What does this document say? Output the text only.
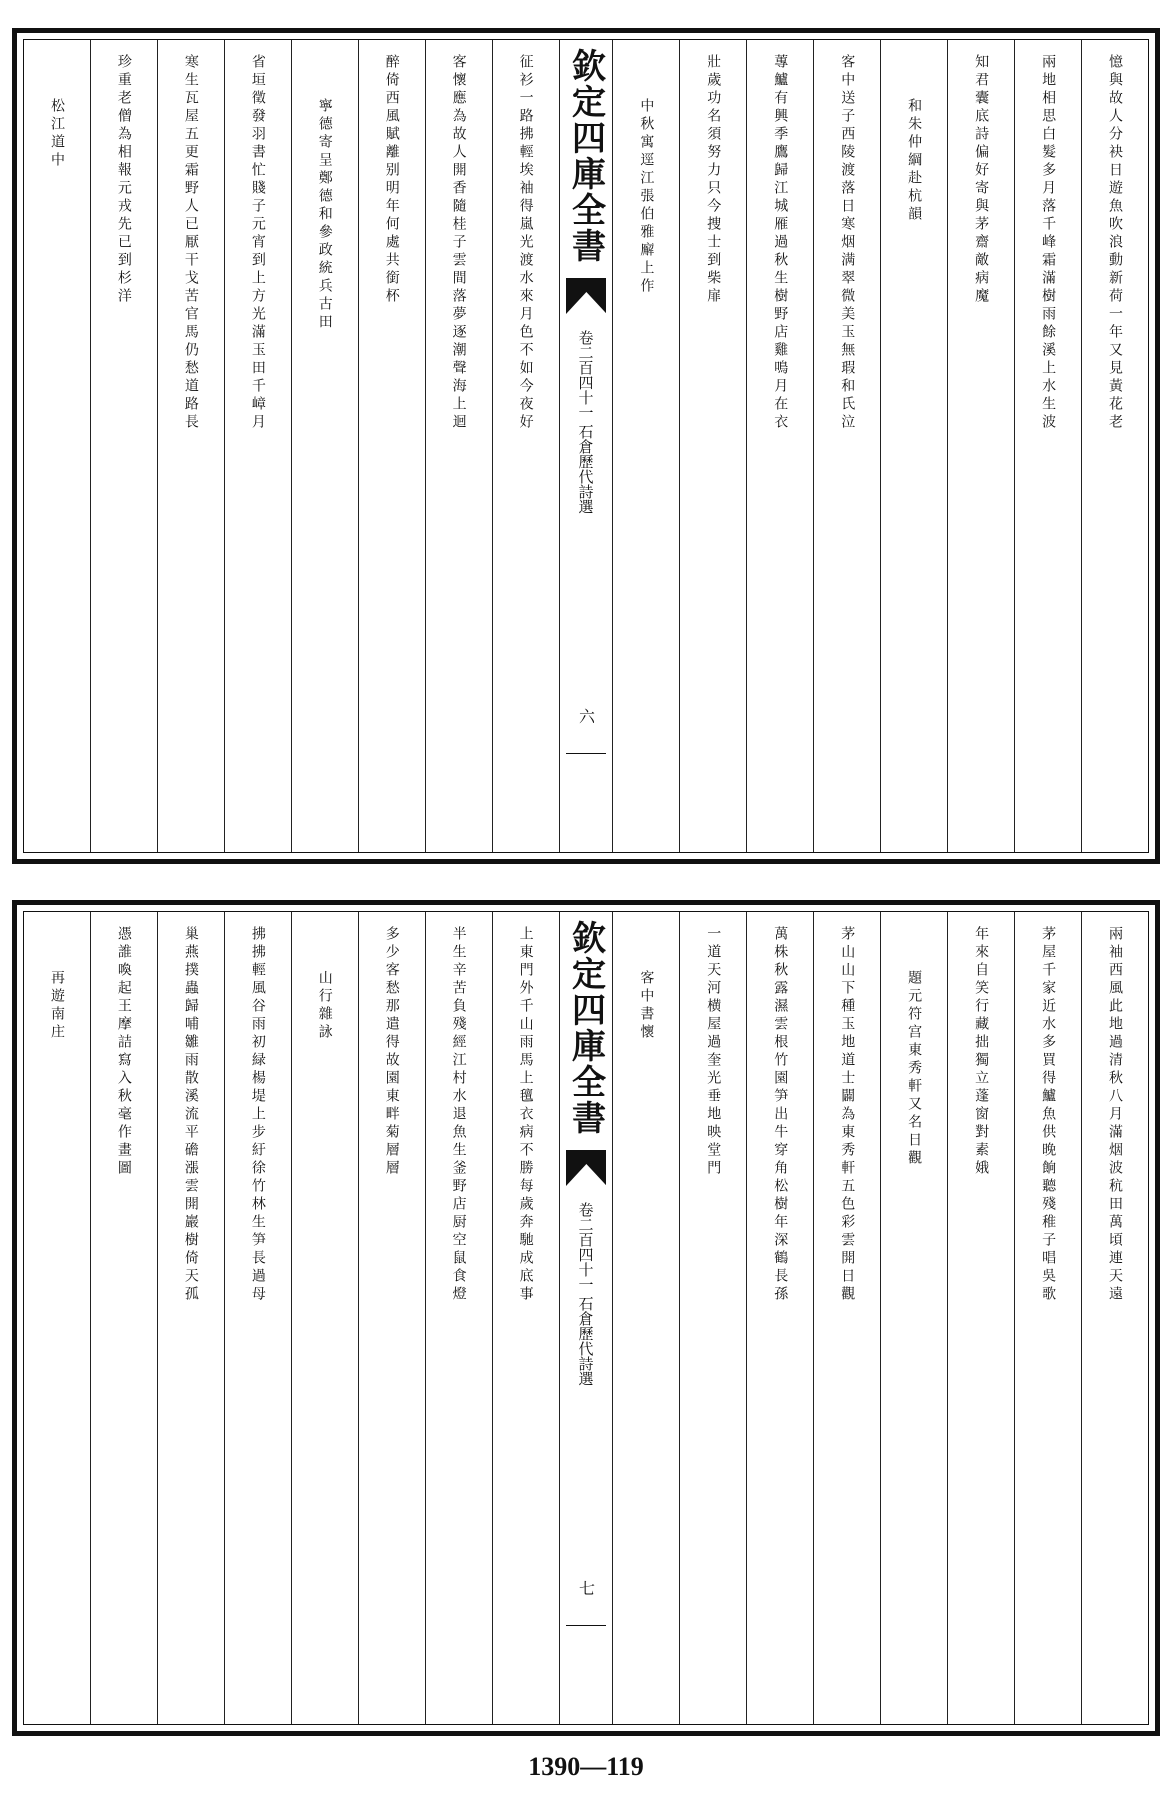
憶與故人分袂日遊魚吹浪動新荷一年又見黃花老
兩地相思白髮多月落千峰霜滿樹雨餘溪上水生波
知君囊底詩偏好寄與茅齋敵病魔
和朱仲綱赴杭韻
客中送子西陵渡落日寒烟满翠微美玉無瑕和氏泣
蓴鱸有興季鷹歸江城雁過秋生樹野店雞鳴月在衣
壯歲功名須努力只今捜士到柴扉
中秋寓逕江張伯雅廨上作
欽定四庫全書
石倉歷代詩選
卷二百四十一
六
征衫一路拂輕埃袖得嵐光渡水來月色不如今夜好
客懷應為故人開香隨桂子雲間落夢逐潮聲海上迴
醉倚西風賦離别明年何處共銜杯
寧德寄呈鄭德和參政統兵古田
省垣徵發羽書忙賤子元宵到上方光滿玉田千嶂月
寒生瓦屋五更霜野人已厭干戈苦官馬仍愁道路長
珍重老僧為相報元戎先已到杉洋
松江道中
兩袖西風此地過清秋八月滿烟波秔田萬頃連天遠
茅屋千家近水多買得鱸魚供晚餉聽殘稚子唱吳歌
年來自笑行藏拙獨立蓬窗對素娥
題元符宫東秀軒又名日觀
茅山山下種玉地道士闢為東秀軒五色彩雲開日觀
萬株秋露濕雲根竹園笋出牛穿角松樹年深鶴長孫
一道天河横屋過奎光垂地映堂門
客中書懷
欽定四庫全書
石倉歷代詩選
卷二百四十一
七
上東門外千山雨馬上氊衣病不勝每歲奔馳成底事
半生辛苦負殘經江村水退魚生釜野店厨空鼠食燈
多少客愁那遣得故園東畔菊層層
山行雜詠
拂拂輕風谷雨初緑楊堤上步紆徐竹林生笋長過母
巢燕撲蟲歸哺雛雨散溪流平䃫漲雲開巖樹倚天孤
憑誰喚起王摩詰寫入秋毫作畫圖
再遊南庄
1390—119
